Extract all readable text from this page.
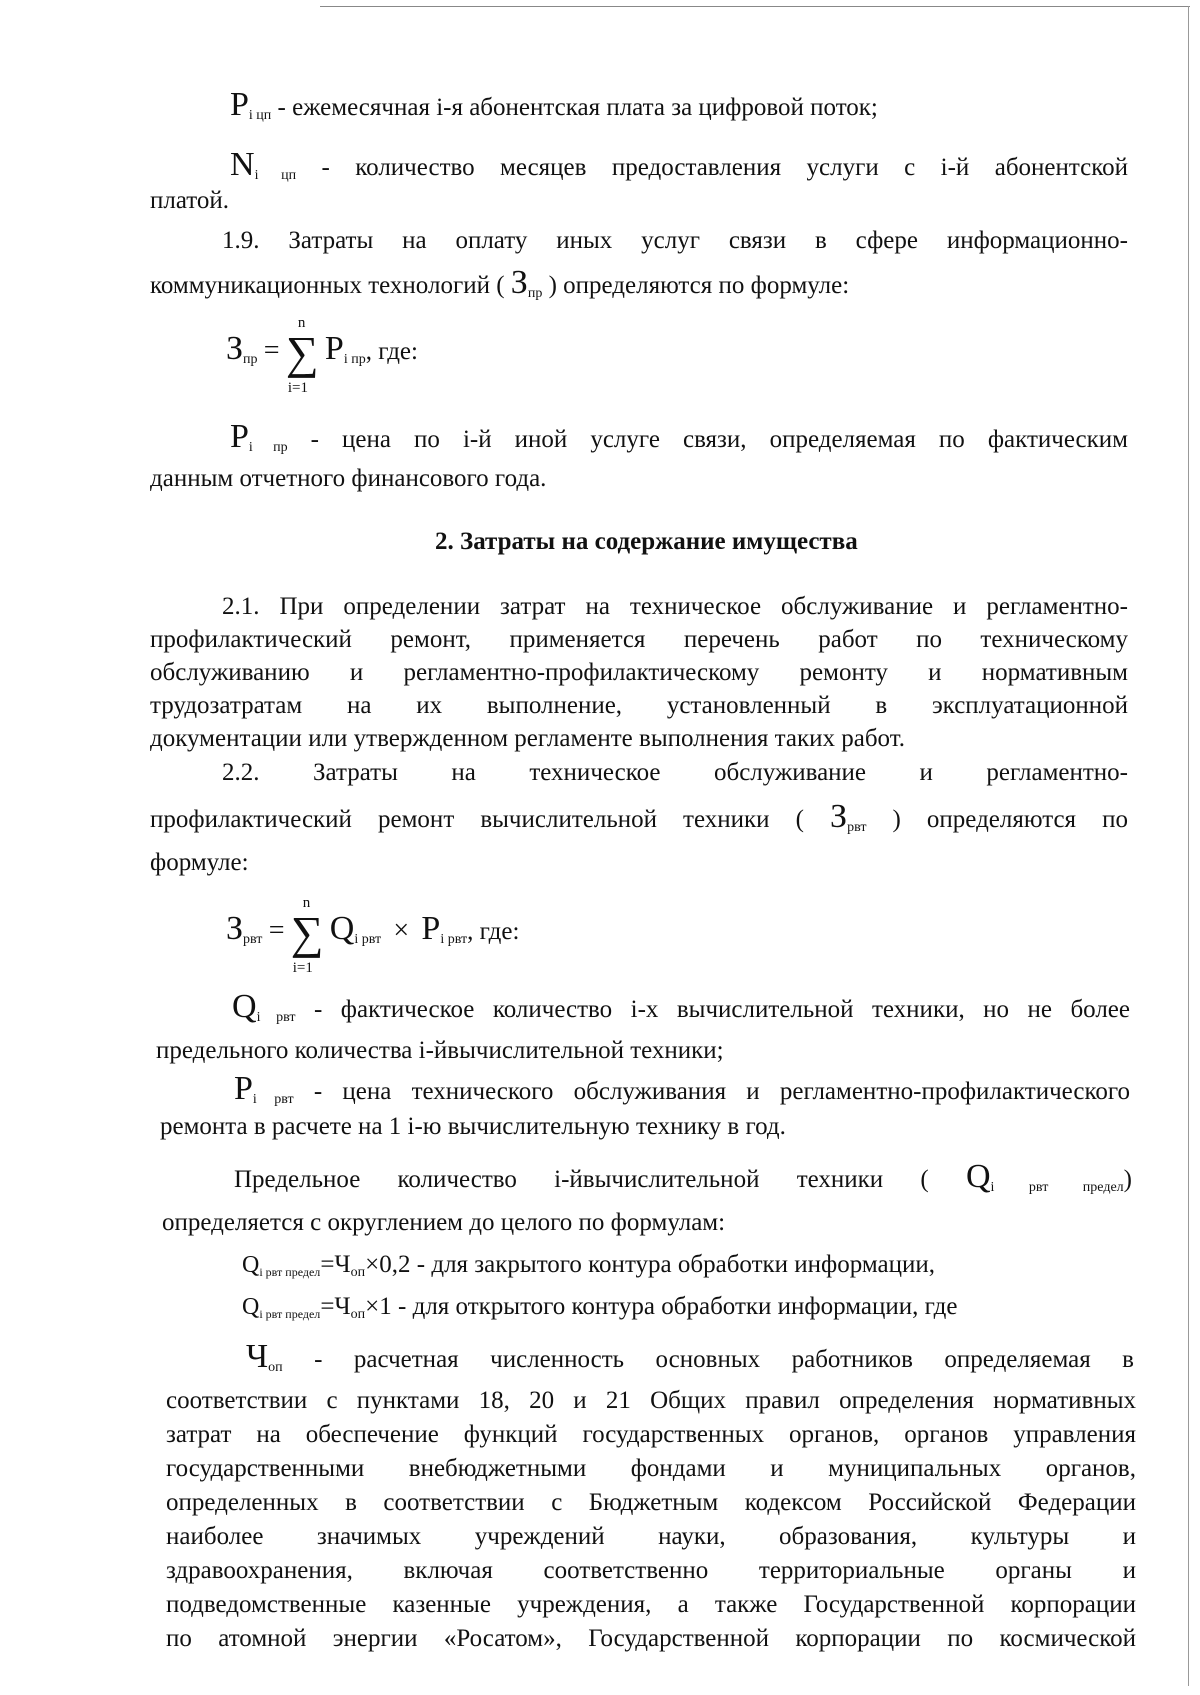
Pi цп - ежемесячная i-я абонентская плата за цифровой поток;
Ni цп - количество месяцев предоставления услуги с i-й абонентской
платой.
1.9. Затраты на оплату иных услуг связи в сфере информационно-
коммуникационных технологий ( Зпр ) определяются по формуле:
Зпр =
n
∑
i=1
Pi пр, где:
Pi пр - цена по i-й иной услуге связи, определяемая по фактическим
данным отчетного финансового года.
2. Затраты на содержание имущества
2.1. При определении затрат на техническое обслуживание и регламентно-
профилактический ремонт, применяется перечень работ по техническому
обслуживанию и регламентно-профилактическому ремонту и нормативным
трудозатратам на их выполнение, установленный в эксплуатационной
документации или утвержденном регламенте выполнения таких работ.
2.2. Затраты на техническое обслуживание и регламентно-
профилактический ремонт вычислительной техники ( Зрвт ) определяются по
формуле:
Зрвт =
n
∑
i=1
Qi рвт × Pi рвт, где:
Qi рвт - фактическое количество i-х вычислительной техники, но не более
предельного количества i-йвычислительной техники;
Pi рвт - цена технического обслуживания и регламентно-профилактического
ремонта в расчете на 1 i-ю вычислительную технику в год.
Предельное количество i-йвычислительной техники ( Qi рвт предел)
определяется с округлением до целого по формулам:
Qi рвт предел=Чоп×0,2 - для закрытого контура обработки информации,
Qi рвт предел=Чоп×1 - для открытого контура обработки информации, где
Чоп - расчетная численность основных работников определяемая в
соответствии с пунктами 18, 20 и 21 Общих правил определения нормативных
затрат на обеспечение функций государственных органов, органов управления
государственными внебюджетными фондами и муниципальных органов,
определенных в соответствии с Бюджетным кодексом Российской Федерации
наиболее значимых учреждений науки, образования, культуры и
здравоохранения, включая соответственно территориальные органы и
подведомственные казенные учреждения, а также Государственной корпорации
по атомной энергии «Росатом», Государственной корпорации по космической
